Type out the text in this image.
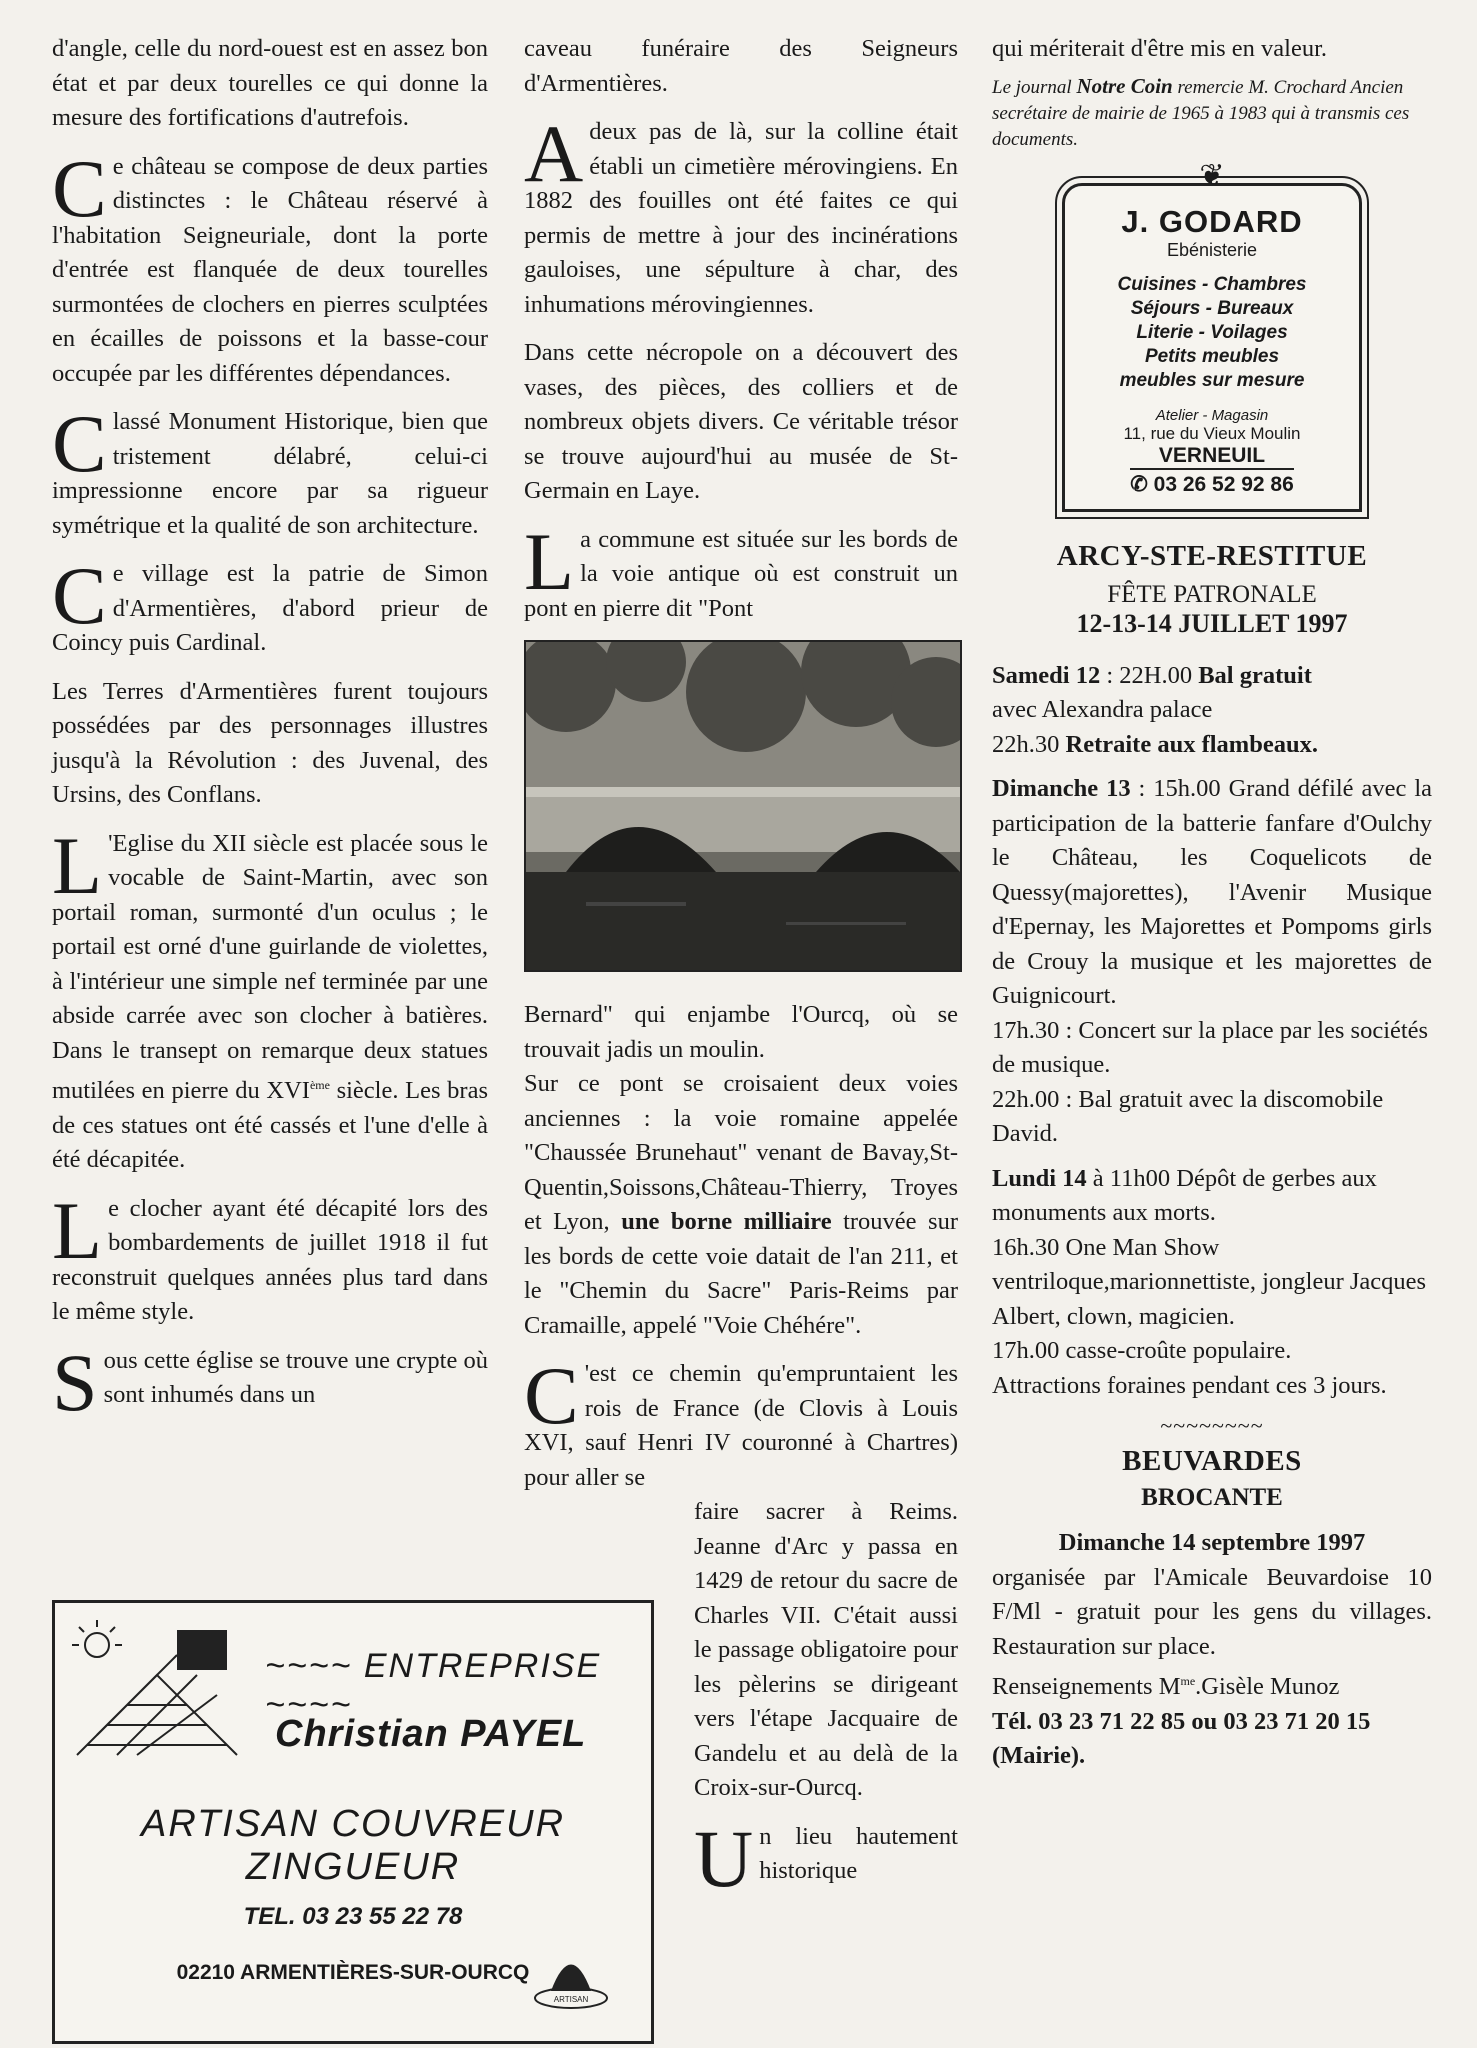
d'angle, celle du nord-ouest est en assez bon état et par deux tourelles ce qui donne la mesure des fortifications d'autrefois.

Ce château se compose de deux parties distinctes : le Château réservé à l'habitation Seigneuriale, dont la porte d'entrée est flanquée de deux tourelles surmontées de clochers en pierres sculptées en écailles de poissons et la basse-cour occupée par les différentes dépendances.

Classé Monument Historique, bien que tristement délabré, celui-ci impressionne encore par sa rigueur symétrique et la qualité de son architecture.

Ce village est la patrie de Simon d'Armentières, d'abord prieur de Coincy puis Cardinal.

Les Terres d'Armentières furent toujours possédées par des personnages illustres jusqu'à la Révolution : des Juvenal, des Ursins, des Conflans.

L 'Eglise du XII siècle est placée sous le vocable de Saint-Martin, avec son portail roman, surmonté d'un oculus ; le portail est orné d'une guirlande de violettes, à l'intérieur une simple nef terminée par une abside carrée avec son clocher à batières. Dans le transept on remarque deux statues mutilées en pierre du XVIème siècle. Les bras de ces statues ont été cassés et l'une d'elle à été décapitée.

Le clocher ayant été décapité lors des bombardements de juillet 1918 il fut reconstruit quelques années plus tard dans le même style.

Sous cette église se trouve une crypte où sont inhumés dans un

caveau funéraire des Seigneurs d'Armentières.

Adeux pas de là, sur la colline était établi un cimetière mérovingiens. En 1882 des fouilles ont été faites ce qui permis de mettre à jour des incinérations gauloises, une sépulture à char, des inhumations mérovingiennes.

Dans cette nécropole on a découvert des vases, des pièces, des colliers et de nombreux objets divers. Ce véritable trésor se trouve aujourd'hui au musée de St-Germain en Laye.

La commune est située sur les bords de la voie antique où est construit un pont en pierre dit "Pont

Bernard" qui enjambe l'Ourcq, où se trouvait jadis un moulin.

Sur ce pont se croisaient deux voies anciennes : la voie romaine appelée "Chaussée Brunehaut" venant de Bavay,St-Quentin,Soissons,Château-Thierry, Troyes et Lyon, une borne milliaire trouvée sur les bords de cette voie datait de l'an 211, et le "Chemin du Sacre" Paris-Reims par Cramaille, appelé "Voie Chéhére".

C 'est ce chemin qu'empruntaient les rois de France (de Clovis à Louis XVI, sauf Henri IV couronné à Chartres) pour aller se

faire sacrer à Reims. Jeanne d'Arc y passa en 1429 de retour du sacre de Charles VII. C'était aussi le passage obligatoire pour les pèlerins se dirigeant vers l'étape Jacquaire de Gandelu et au delà de la Croix-sur-Ourcq.

Un lieu hautement historique

qui mériterait d'être mis en valeur.

Le journal Notre Coin remercie M. Crochard Ancien secrétaire de mairie de 1965 à 1983 qui à transmis ces documents.

❦
J. GODARD
Ebénisterie
Cuisines - Chambres
Séjours - Bureaux
Literie - Voilages
Petits meubles
meubles sur mesure
Atelier - Magasin
11, rue du Vieux Moulin
VERNEUIL
✆ 03 26 52 92 86
ARCY-STE-RESTITUE
FÊTE PATRONALE
12-13-14 JUILLET 1997

Samedi 12 : 22H.00 Bal gratuit

avec Alexandra palace

22h.30 Retraite aux flambeaux.

Dimanche 13 : 15h.00 Grand défilé avec la participation de la batterie fanfare d'Oulchy le Château, les Coquelicots de Quessy(majorettes), l'Avenir Musique d'Epernay, les Majorettes et Pompoms girls de Crouy la musique et les majorettes de Guignicourt.

17h.30 : Concert sur la place par les sociétés de musique.

22h.00 : Bal gratuit avec la discomobile David.

Lundi 14 à 11h00 Dépôt de gerbes aux monuments aux morts.

16h.30 One Man Show ventriloque,marionnettiste, jongleur Jacques Albert, clown, magicien.

17h.00 casse-croûte populaire.

Attractions foraines pendant ces 3 jours.

~~~~~~~~
BEUVARDES
BROCANTE

Dimanche 14 septembre 1997

organisée par l'Amicale Beuvardoise 10 F/Ml - gratuit pour les gens du villages. Restauration sur place.

Renseignements $M^{me}.Gisèle$ Munoz

Tél. 03 23 71 22 85 ou 03 23 71 20 15 (Mairie).

~~~~ ENTREPRISE ~~~~
Christian PAYEL
ARTISAN COUVREUR ZINGUEUR
TEL. 03 23 55 22 78
02210 ARMENTIÈRES-SUR-OURCQ
ARTISAN
